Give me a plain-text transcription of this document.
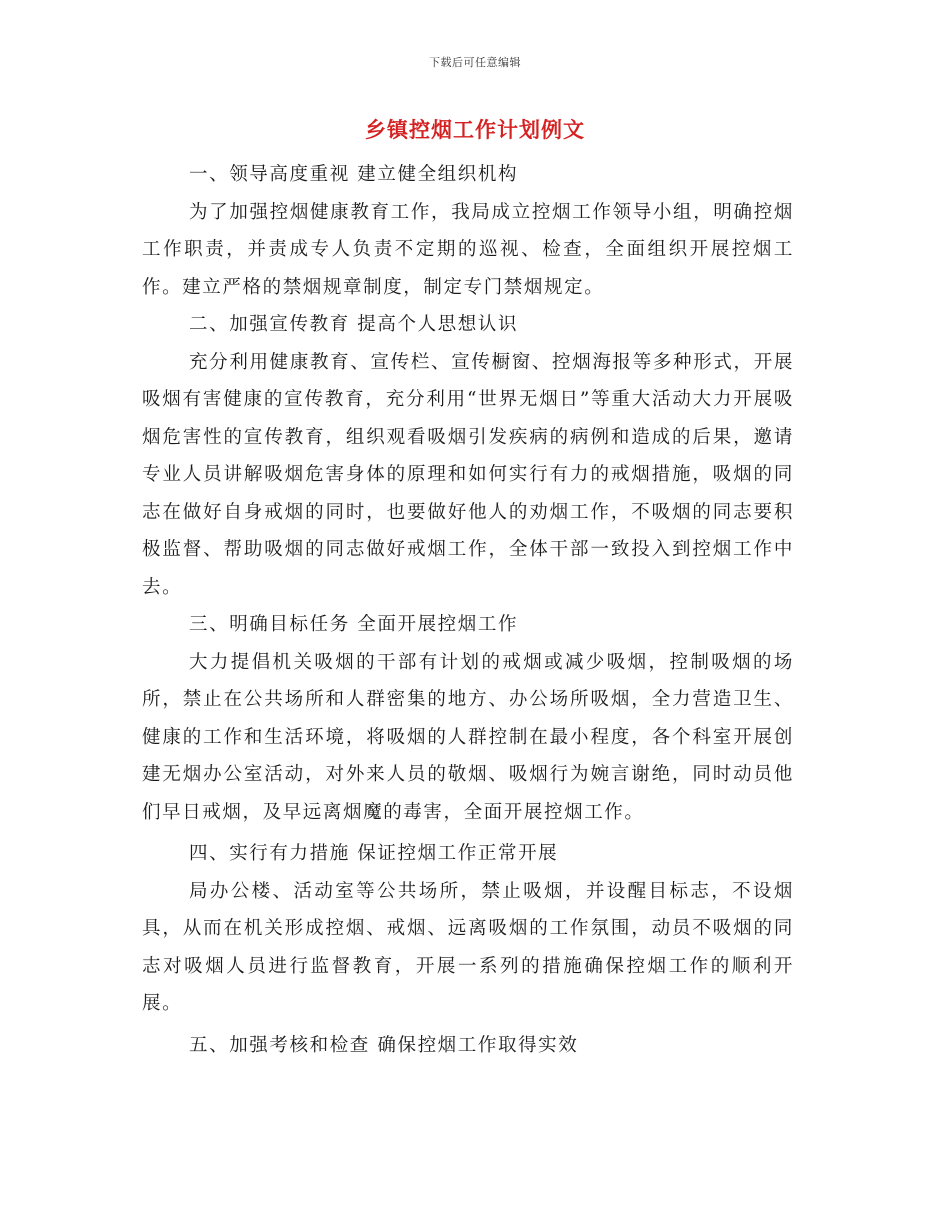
下载后可任意编辑
乡镇控烟工作计划例文

一、领导高度重视 建立健全组织机构

为了加强控烟健康教育工作，我局成立控烟工作领导小组，明确控烟工作职责，并责成专人负责不定期的巡视、检查，全面组织开展控烟工作。建立严格的禁烟规章制度，制定专门禁烟规定。

二、加强宣传教育 提高个人思想认识

充分利用健康教育、宣传栏、宣传橱窗、控烟海报等多种形式，开展吸烟有害健康的宣传教育，充分利用“世界无烟日”等重大活动大力开展吸烟危害性的宣传教育，组织观看吸烟引发疾病的病例和造成的后果，邀请专业人员讲解吸烟危害身体的原理和如何实行有力的戒烟措施，吸烟的同志在做好自身戒烟的同时，也要做好他人的劝烟工作，不吸烟的同志要积极监督、帮助吸烟的同志做好戒烟工作，全体干部一致投入到控烟工作中去。

三、明确目标任务 全面开展控烟工作

大力提倡机关吸烟的干部有计划的戒烟或减少吸烟，控制吸烟的场所，禁止在公共场所和人群密集的地方、办公场所吸烟，全力营造卫生、健康的工作和生活环境，将吸烟的人群控制在最小程度，各个科室开展创建无烟办公室活动，对外来人员的敬烟、吸烟行为婉言谢绝，同时动员他们早日戒烟，及早远离烟魔的毒害，全面开展控烟工作。

四、实行有力措施 保证控烟工作正常开展

局办公楼、活动室等公共场所，禁止吸烟，并设醒目标志，不设烟具，从而在机关形成控烟、戒烟、远离吸烟的工作氛围，动员不吸烟的同志对吸烟人员进行监督教育，开展一系列的措施确保控烟工作的顺利开展。

五、加强考核和检查 确保控烟工作取得实效
